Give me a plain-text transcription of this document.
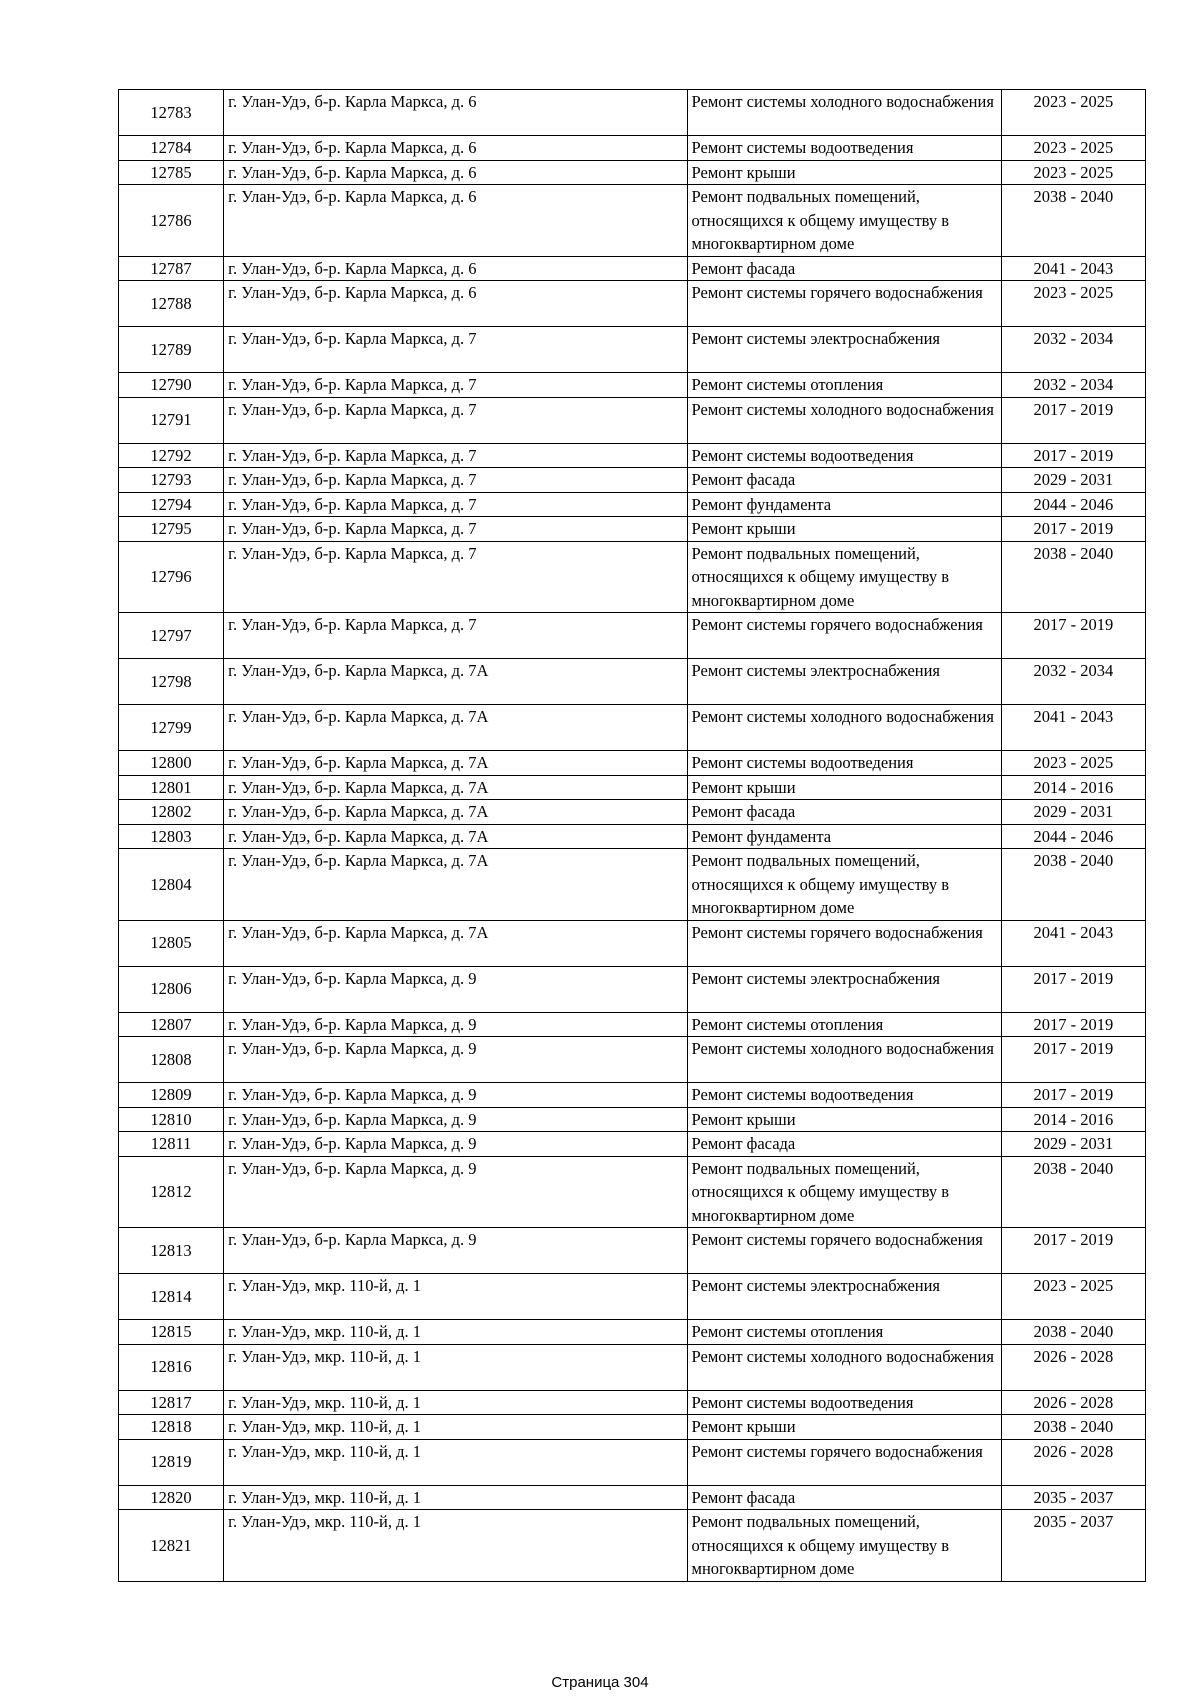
12783	г. Улан-Удэ, б-р. Карла Маркса, д. 6	Ремонт системы холодного водоснабжения	2023 - 2025
12784	г. Улан-Удэ, б-р. Карла Маркса, д. 6	Ремонт системы водоотведения	2023 - 2025
12785	г. Улан-Удэ, б-р. Карла Маркса, д. 6	Ремонт крыши	2023 - 2025
12786	г. Улан-Удэ, б-р. Карла Маркса, д. 6	Ремонт подвальных помещений, относящихся к общему имуществу в многоквартирном доме	2038 - 2040
12787	г. Улан-Удэ, б-р. Карла Маркса, д. 6	Ремонт фасада	2041 - 2043
12788	г. Улан-Удэ, б-р. Карла Маркса, д. 6	Ремонт системы горячего водоснабжения	2023 - 2025
12789	г. Улан-Удэ, б-р. Карла Маркса, д. 7	Ремонт системы электроснабжения	2032 - 2034
12790	г. Улан-Удэ, б-р. Карла Маркса, д. 7	Ремонт системы отопления	2032 - 2034
12791	г. Улан-Удэ, б-р. Карла Маркса, д. 7	Ремонт системы холодного водоснабжения	2017 - 2019
12792	г. Улан-Удэ, б-р. Карла Маркса, д. 7	Ремонт системы водоотведения	2017 - 2019
12793	г. Улан-Удэ, б-р. Карла Маркса, д. 7	Ремонт фасада	2029 - 2031
12794	г. Улан-Удэ, б-р. Карла Маркса, д. 7	Ремонт фундамента	2044 - 2046
12795	г. Улан-Удэ, б-р. Карла Маркса, д. 7	Ремонт крыши	2017 - 2019
12796	г. Улан-Удэ, б-р. Карла Маркса, д. 7	Ремонт подвальных помещений, относящихся к общему имуществу в многоквартирном доме	2038 - 2040
12797	г. Улан-Удэ, б-р. Карла Маркса, д. 7	Ремонт системы горячего водоснабжения	2017 - 2019
12798	г. Улан-Удэ, б-р. Карла Маркса, д. 7А	Ремонт системы электроснабжения	2032 - 2034
12799	г. Улан-Удэ, б-р. Карла Маркса, д. 7А	Ремонт системы холодного водоснабжения	2041 - 2043
12800	г. Улан-Удэ, б-р. Карла Маркса, д. 7А	Ремонт системы водоотведения	2023 - 2025
12801	г. Улан-Удэ, б-р. Карла Маркса, д. 7А	Ремонт крыши	2014 - 2016
12802	г. Улан-Удэ, б-р. Карла Маркса, д. 7А	Ремонт фасада	2029 - 2031
12803	г. Улан-Удэ, б-р. Карла Маркса, д. 7А	Ремонт фундамента	2044 - 2046
12804	г. Улан-Удэ, б-р. Карла Маркса, д. 7А	Ремонт подвальных помещений, относящихся к общему имуществу в многоквартирном доме	2038 - 2040
12805	г. Улан-Удэ, б-р. Карла Маркса, д. 7А	Ремонт системы горячего водоснабжения	2041 - 2043
12806	г. Улан-Удэ, б-р. Карла Маркса, д. 9	Ремонт системы электроснабжения	2017 - 2019
12807	г. Улан-Удэ, б-р. Карла Маркса, д. 9	Ремонт системы отопления	2017 - 2019
12808	г. Улан-Удэ, б-р. Карла Маркса, д. 9	Ремонт системы холодного водоснабжения	2017 - 2019
12809	г. Улан-Удэ, б-р. Карла Маркса, д. 9	Ремонт системы водоотведения	2017 - 2019
12810	г. Улан-Удэ, б-р. Карла Маркса, д. 9	Ремонт крыши	2014 - 2016
12811	г. Улан-Удэ, б-р. Карла Маркса, д. 9	Ремонт фасада	2029 - 2031
12812	г. Улан-Удэ, б-р. Карла Маркса, д. 9	Ремонт подвальных помещений, относящихся к общему имуществу в многоквартирном доме	2038 - 2040
12813	г. Улан-Удэ, б-р. Карла Маркса, д. 9	Ремонт системы горячего водоснабжения	2017 - 2019
12814	г. Улан-Удэ, мкр. 110-й, д. 1	Ремонт системы электроснабжения	2023 - 2025
12815	г. Улан-Удэ, мкр. 110-й, д. 1	Ремонт системы отопления	2038 - 2040
12816	г. Улан-Удэ, мкр. 110-й, д. 1	Ремонт системы холодного водоснабжения	2026 - 2028
12817	г. Улан-Удэ, мкр. 110-й, д. 1	Ремонт системы водоотведения	2026 - 2028
12818	г. Улан-Удэ, мкр. 110-й, д. 1	Ремонт крыши	2038 - 2040
12819	г. Улан-Удэ, мкр. 110-й, д. 1	Ремонт системы горячего водоснабжения	2026 - 2028
12820	г. Улан-Удэ, мкр. 110-й, д. 1	Ремонт фасада	2035 - 2037
12821	г. Улан-Удэ, мкр. 110-й, д. 1	Ремонт подвальных помещений, относящихся к общему имуществу в многоквартирном доме	2035 - 2037
Страница 304
